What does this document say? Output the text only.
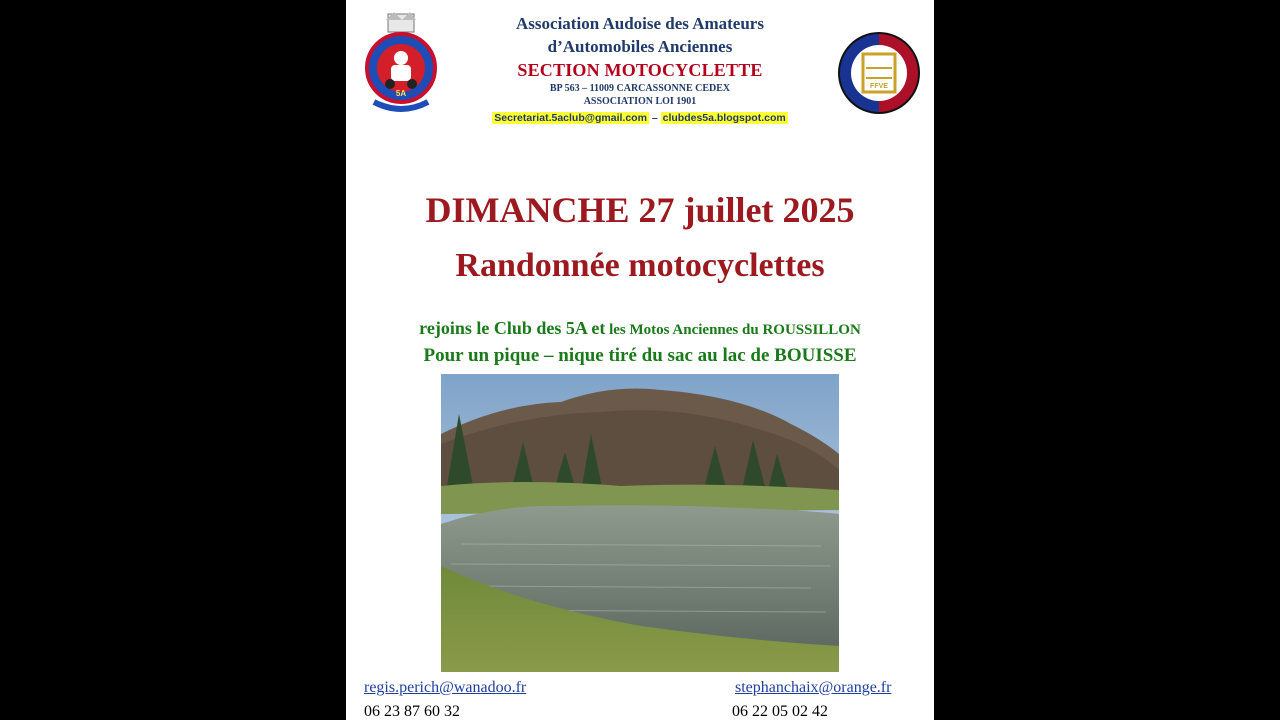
5A
FFVE
Association Audoise des Amateurs
d’Automobiles Anciennes
SECTION MOTOCYCLETTE
BP 563 – 11009 CARCASSONNE CEDEX
ASSOCIATION LOI 1901
Secretariat.5aclub@gmail.com – clubdes5a.blogspot.com
DIMANCHE 27 juillet 2025
Randonnée motocyclettes
rejoins le Club des 5A et les Motos Anciennes du ROUSSILLON
Pour un pique – nique tiré du sac au lac de BOUISSE
regis.perich@wanadoo.fr
06 23 87 60 32
stephanchaix@orange.fr
06 22 05 02 42
